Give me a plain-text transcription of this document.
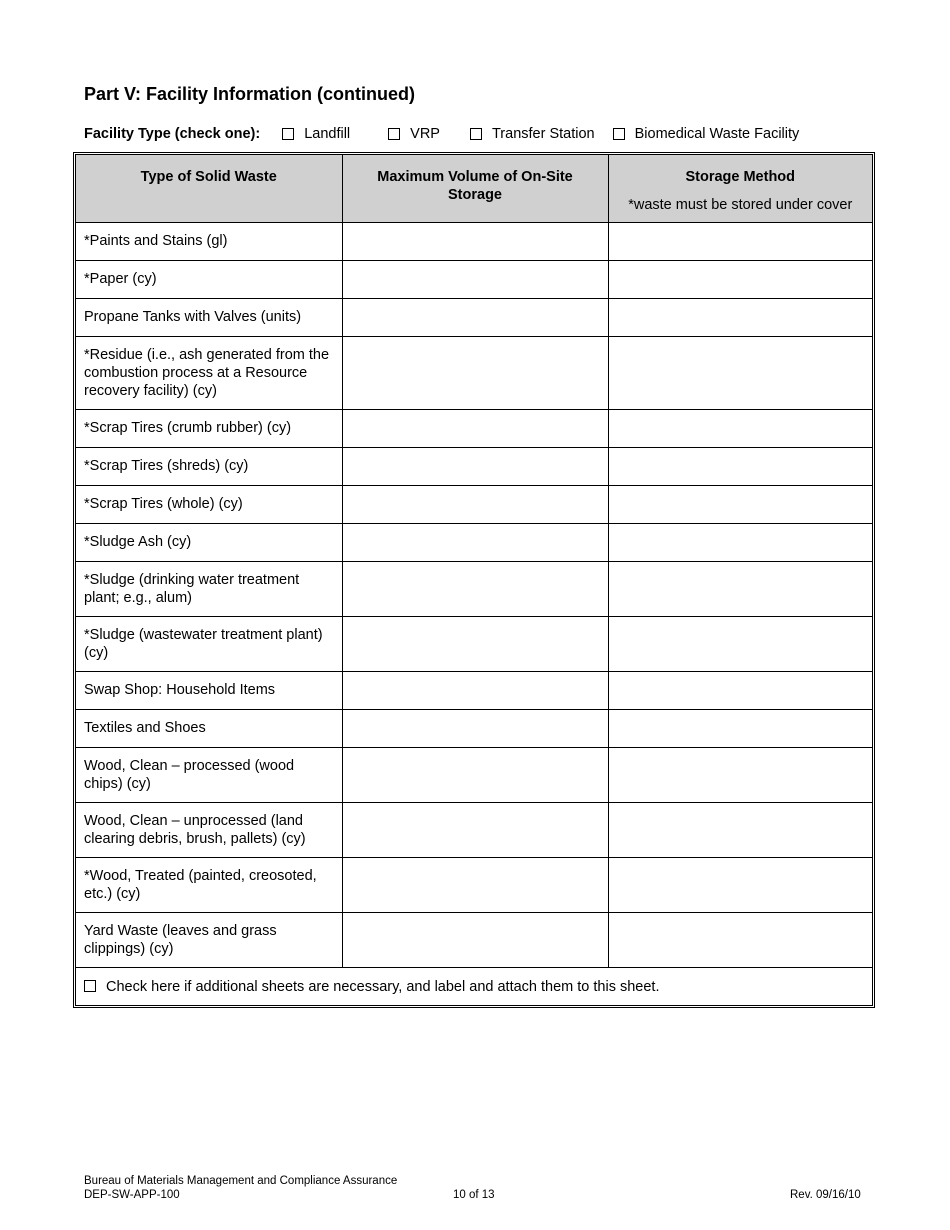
Part V: Facility Information (continued)
Facility Type (check one):	Landfill	VRP	Transfer Station	Biomedical Waste Facility
Type of Solid Waste	Maximum Volume of On-Site Storage	Storage Method
*waste must be stored under cover

*Paints and Stains (gl)		
*Paper (cy)		
Propane Tanks with Valves (units)		
*Residue (i.e., ash generated from the combustion process at a Resource recovery facility) (cy)		
*Scrap Tires (crumb rubber) (cy)		
*Scrap Tires (shreds) (cy)		
*Scrap Tires (whole) (cy)		
*Sludge Ash (cy)		
*Sludge (drinking water treatment plant; e.g., alum)		
*Sludge (wastewater treatment plant) (cy)		
Swap Shop: Household Items		
Textiles and Shoes		
Wood, Clean – processed (wood chips) (cy)		
Wood, Clean – unprocessed (land clearing debris, brush, pallets) (cy)		
*Wood, Treated (painted, creosoted, etc.) (cy)		
Yard Waste (leaves and grass clippings) (cy)		
Check here if additional sheets are necessary, and label and attach them to this sheet.		
Bureau of Materials Management and Compliance Assurance
DEP-SW-APP-100	10 of 13	Rev. 09/16/10
